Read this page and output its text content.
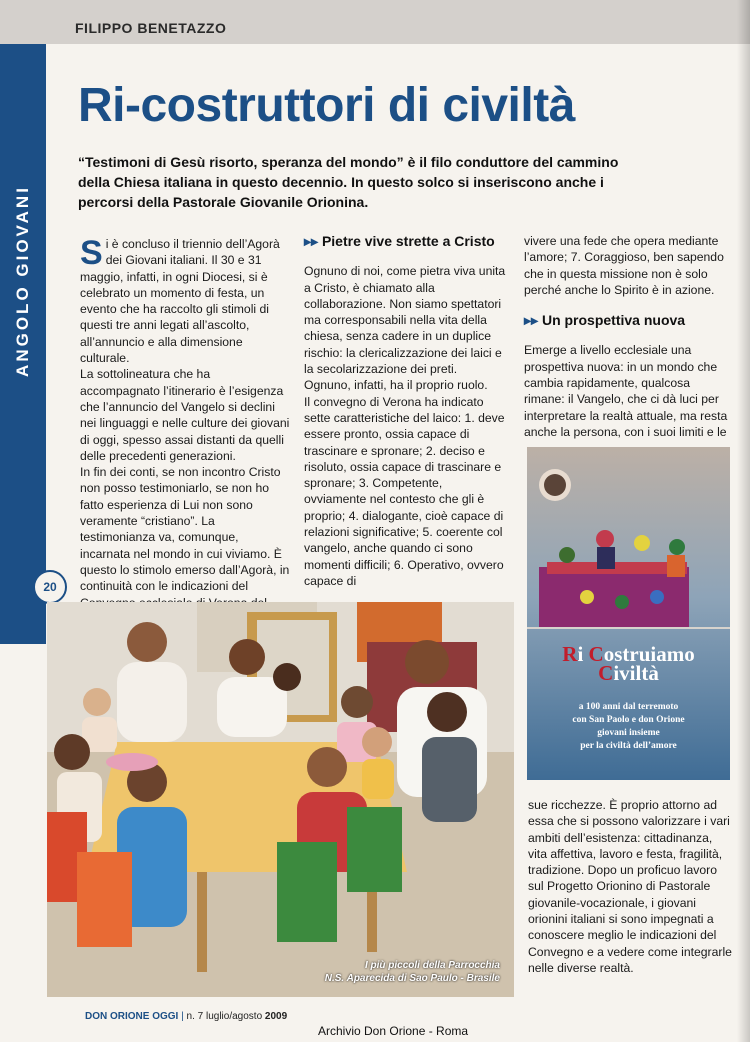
FILIPPO BENETAZZO
ANGOLO GIOVANI
Ri-costruttori di civiltà
“Testimoni di Gesù risorto, speranza del mondo” è il filo conduttore del cammino della Chiesa italiana in questo decennio. In questo solco si inseriscono anche i percorsi della Pastorale Giovanile Orionina.
S i è concluso il triennio dell’Agorà dei Giovani italiani. Il 30 e 31 maggio, infatti, in ogni Diocesi, si è celebrato un momento di festa, un evento che ha raccolto gli stimoli di questi tre anni legati all’ascolto, all’annuncio e alla dimensione culturale.

La sottolineatura che ha accompagnato l’itinerario è l’esigenza che l’annuncio del Vangelo si declini nei linguaggi e nelle culture dei giovani di oggi, spesso assai distanti da quelli delle precedenti generazioni.

In fin dei conti, se non incontro Cristo non posso testimoniarlo, se non ho fatto esperienza di Lui non sono veramente “cristiano”. La testimonianza va, comunque, incarnata nel mondo in cui viviamo. È questo lo stimolo emerso dall’Agorà, in continuità con le indicazioni del

▸▸ Pietre vive strette a Cristo

Ognuno di noi, come pietra viva unita a Cristo, è chiamato alla collaborazione. Non siamo spettatori ma corresponsabili nella vita della chiesa, senza cadere in un duplice rischio: la clericalizzazione dei laici e la secolarizzazione dei preti. Ognuno, infatti, ha il proprio ruolo.

Il convegno di Verona ha indicato sette caratteristiche del laico: 1. deve essere pronto, ossia capace di trascinare e spronare; 2. deciso e risoluto, ossia capace di trascinare e spronare; 3. Competente, ovviamente nel contesto che gli è proprio; 4. dialogante, cioè capace di relazioni significative; 5. coerente col vangelo, anche quando ci sono momenti difficili; 6. Operativo, ovvero capace di

vivere una fede che opera mediante l’amore; 7. Coraggioso, ben sapendo che in questa missione non è solo perché anche lo Spirito è in azione.

▸▸ Un prospettiva nuova

Emerge a livello ecclesiale una prospettiva nuova: in un mondo che cambia rapidamente, qualcosa rimane: il Vangelo, che ci dà luci per interpretare la realtà attuale, ma resta anche la persona, con i suoi limiti e le

sue ricchezze. È proprio attorno ad essa che si possono valorizzare i vari ambiti dell’esistenza: cittadinanza, vita affettiva, lavoro e festa, fragilità, tradizione. Dopo un proficuo lavoro sul Progetto Orionino di Pastorale giovanile-vocazionale, i giovani orionini italiani si sono impegnati a conoscere meglio le indicazioni del Convegno e a vedere come integrarle nelle diverse realtà.

20
I più piccoli della Parrocchia
N.S. Aparecida di Sao Paulo - Brasile
Ri Costruiamo
Civiltà
a 100 anni dal terremoto
con San Paolo e don Orione
giovani insieme
per la civiltà dell’amore
DON ORIONE OGGI | n. 7 luglio/agosto 2009
Archivio Don Orione - Roma
